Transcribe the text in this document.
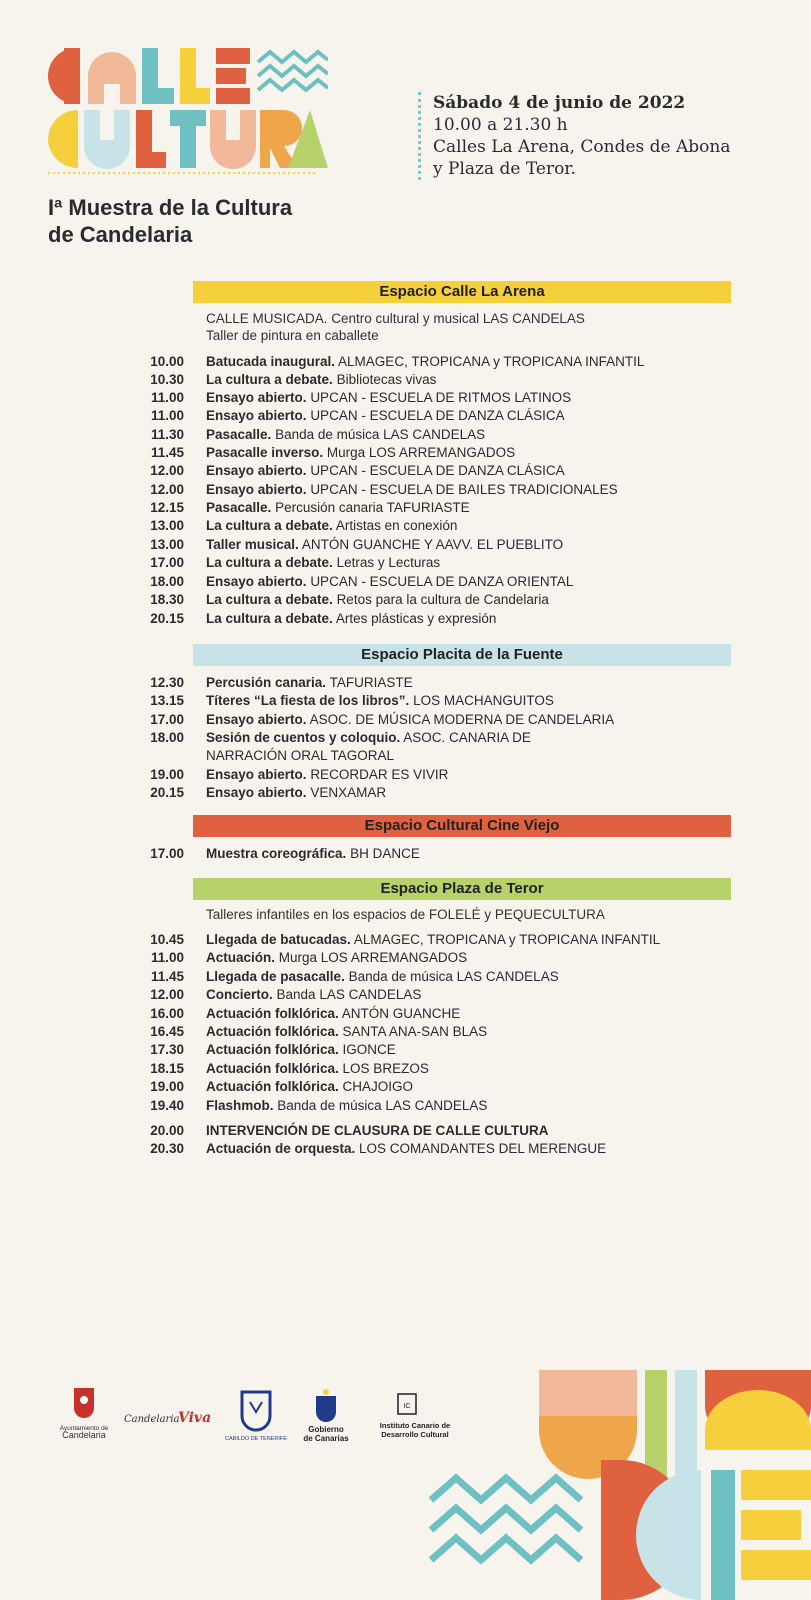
Iª Muestra de la Cultura
de Candelaria
Sábado 4 de junio de 2022
10.00 a 21.30 h
Calles La Arena, Condes de Abona
y Plaza de Teror.
Espacio Calle La Arena
CALLE MUSICADA. Centro cultural y musical LAS CANDELAS
Taller de pintura en caballete
10.00	Batucada inaugural. ALMAGEC, TROPICANA y TROPICANA INFANTIL
10.30	La cultura a debate. Bibliotecas vivas
11.00	Ensayo abierto. UPCAN - ESCUELA DE RITMOS LATINOS
11.00	Ensayo abierto. UPCAN - ESCUELA DE DANZA CLÁSICA
11.30	Pasacalle. Banda de música LAS CANDELAS
11.45	Pasacalle inverso. Murga LOS ARREMANGADOS
12.00	Ensayo abierto. UPCAN - ESCUELA DE DANZA CLÁSICA
12.00	Ensayo abierto. UPCAN - ESCUELA DE BAILES TRADICIONALES
12.15	Pasacalle. Percusión canaria TAFURIASTE
13.00	La cultura a debate. Artistas en conexión
13.00	Taller musical. ANTÓN GUANCHE Y AAVV. EL PUEBLITO
17.00	La cultura a debate. Letras y Lecturas
18.00	Ensayo abierto. UPCAN - ESCUELA DE DANZA ORIENTAL
18.30	La cultura a debate. Retos para la cultura de Candelaria
20.15	La cultura a debate. Artes plásticas y expresión
Espacio Placita de la Fuente
12.30	Percusión canaria. TAFURIASTE
13.15	Títeres “La fiesta de los libros”. LOS MACHANGUITOS
17.00	Ensayo abierto. ASOC. DE MÚSICA MODERNA DE CANDELARIA
18.00	Sesión de cuentos y coloquio. ASOC. CANARIA DE NARRACIÓN ORAL TAGORAL
19.00	Ensayo abierto. RECORDAR ES VIVIR
20.15	Ensayo abierto. VENXAMAR
Espacio Cultural Cine Viejo
17.00	Muestra coreográfica. BH DANCE
Espacio Plaza de Teror
Talleres infantiles en los espacios de FOLELÉ y PEQUECULTURA
10.45	Llegada de batucadas. ALMAGEC, TROPICANA y TROPICANA INFANTIL
11.00	Actuación. Murga LOS ARREMANGADOS
11.45	Llegada de pasacalle. Banda de música LAS CANDELAS
12.00	Concierto. Banda LAS CANDELAS
16.00	Actuación folklórica. ANTÓN GUANCHE
16.45	Actuación folklórica. SANTA ANA-SAN BLAS
17.30	Actuación folklórica. IGONCE
18.15	Actuación folklórica. LOS BREZOS
19.00	Actuación folklórica. CHAJOIGO
19.40	Flashmob. Banda de música LAS CANDELAS
20.00	INTERVENCIÓN DE CLAUSURA DE CALLE CULTURA
20.30	Actuación de orquesta. LOS COMANDANTES DEL MERENGUE
Ayuntamiento de
Candelaria
Candelaria
Viva
CABILDO DE TENERIFE
Gobierno
de Canarias
IC
Instituto Canario de
Desarrollo Cultural
